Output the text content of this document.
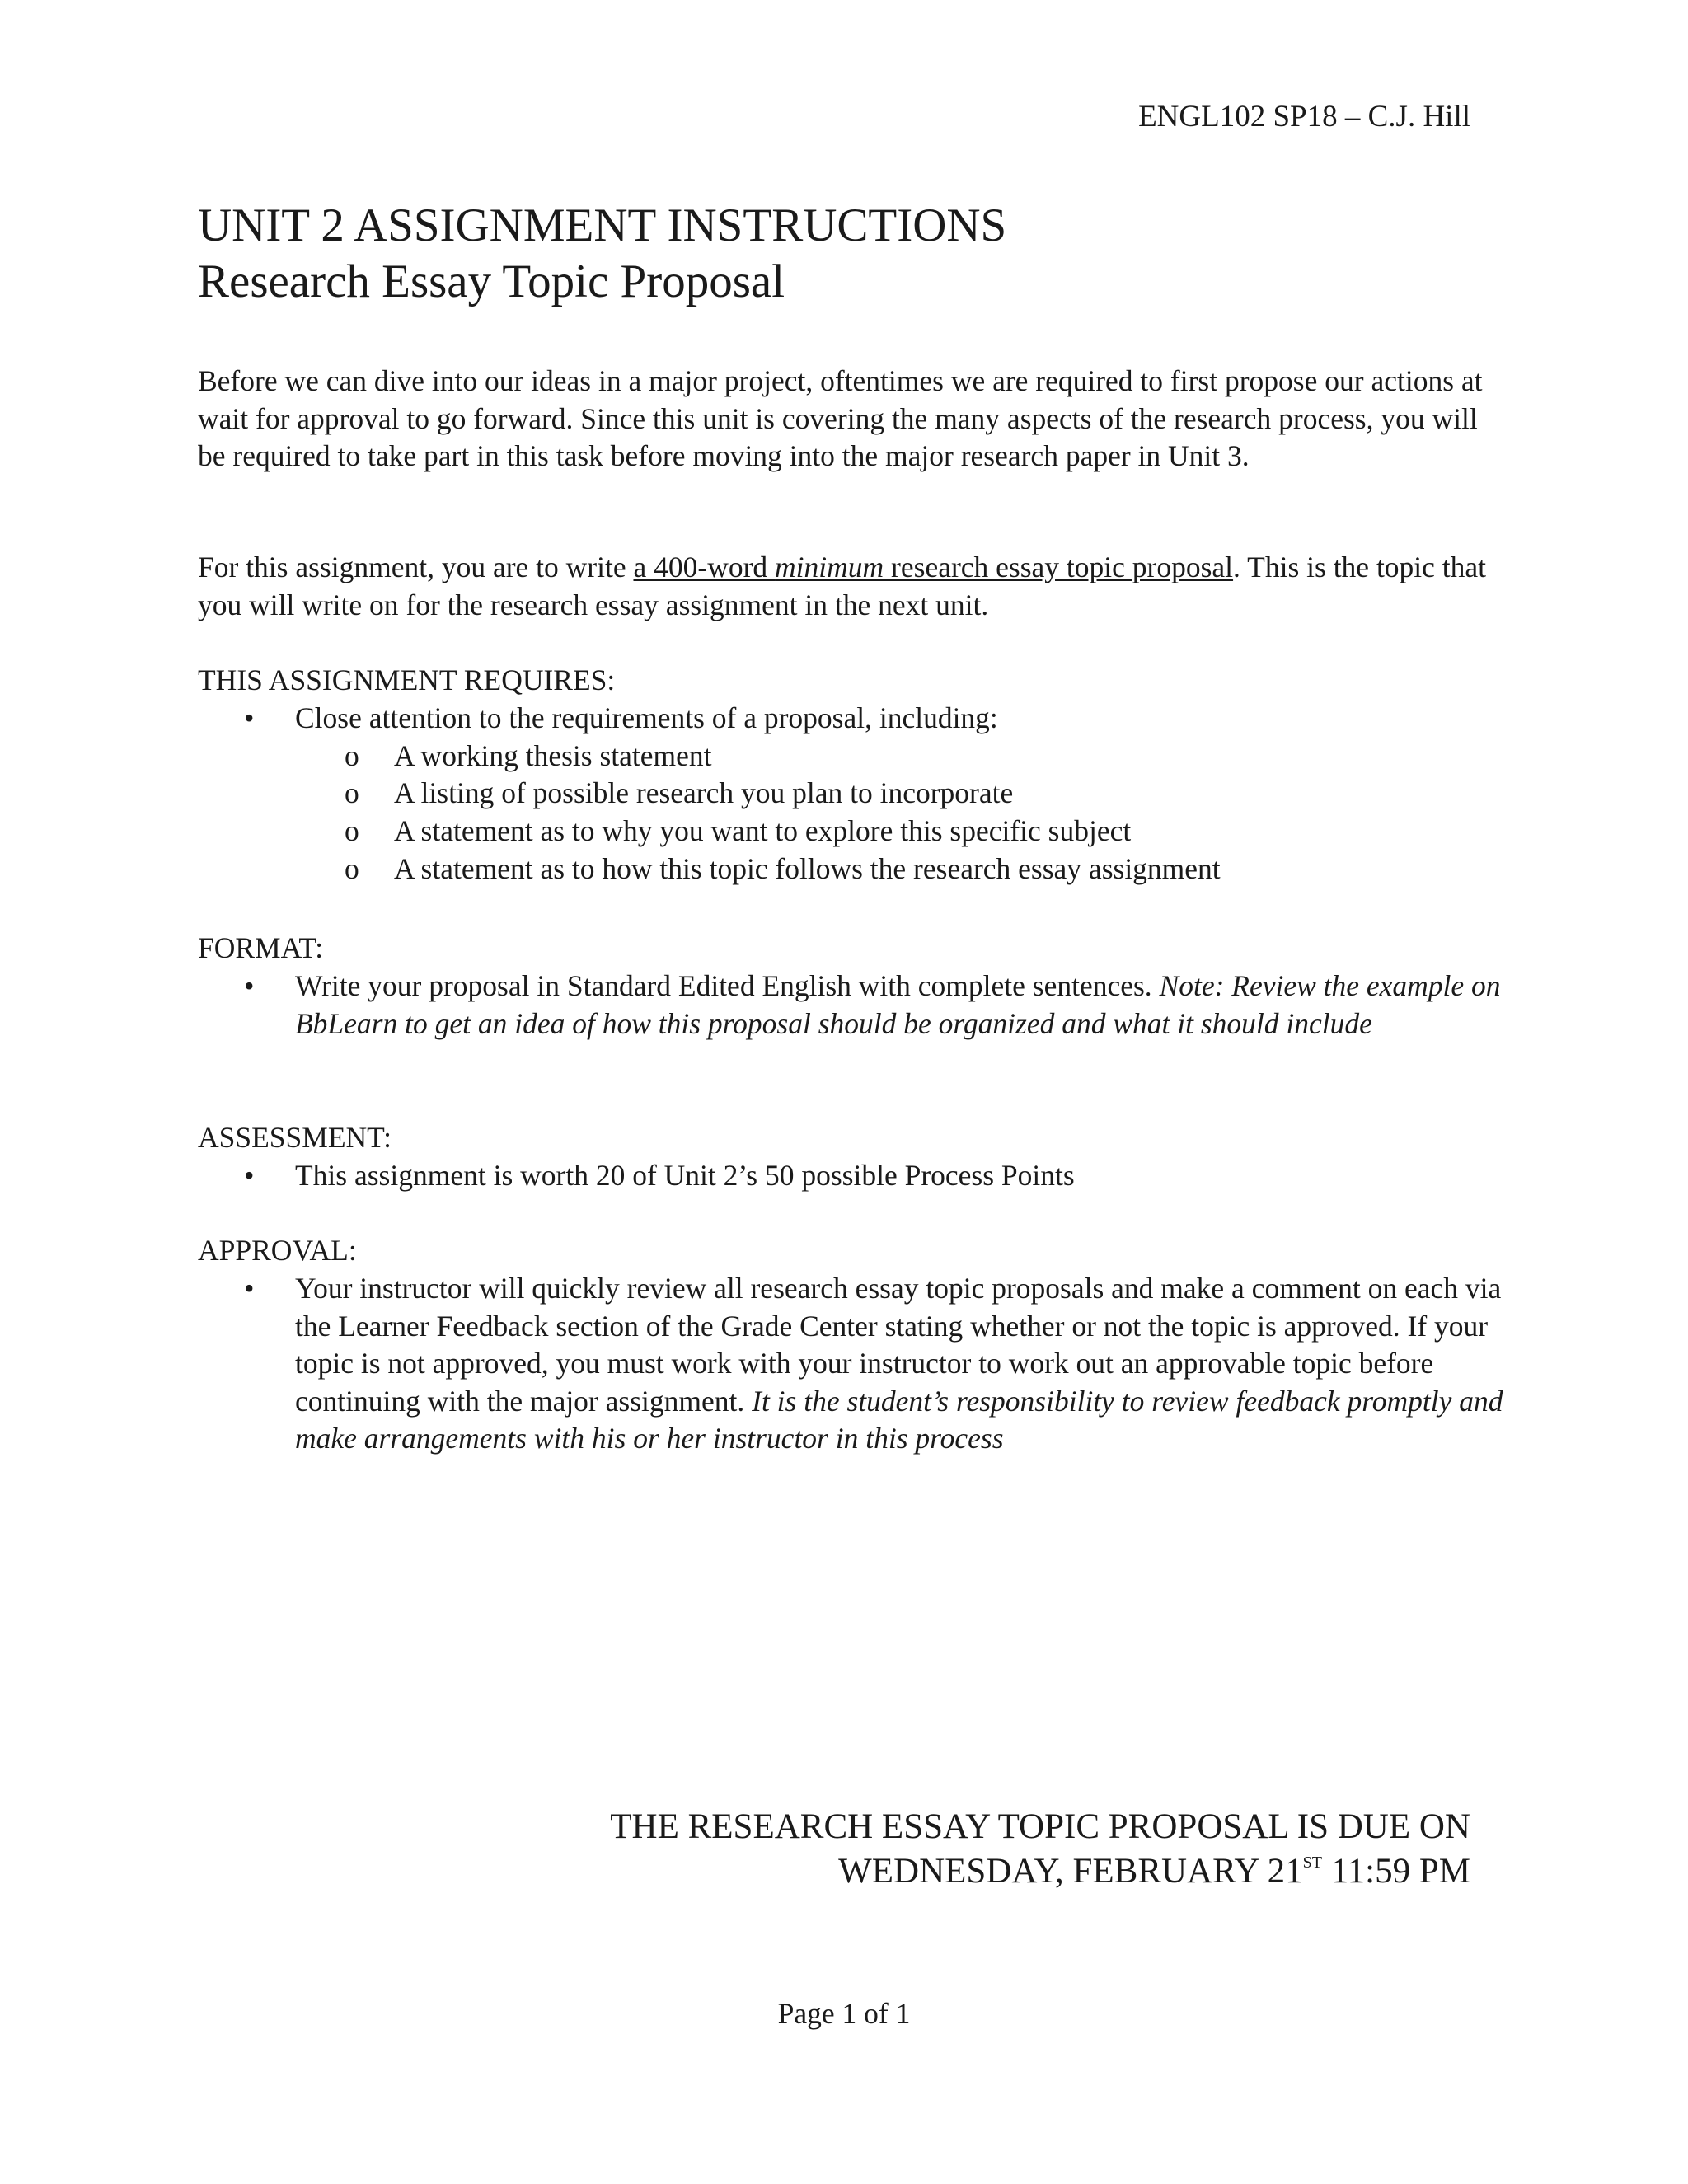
ENGL102 SP18 – C.J. Hill
UNIT 2 ASSIGNMENT INSTRUCTIONS
Research Essay Topic Proposal

Before we can dive into our ideas in a major project, oftentimes we are required to first propose our actions at wait for approval to go forward. Since this unit is covering the many aspects of the research process, you will be required to take part in this task before moving into the major research paper in Unit 3.

For this assignment, you are to write a 400-word minimum research essay topic proposal. This is the topic that you will write on for the research essay assignment in the next unit.

THIS ASSIGNMENT REQUIRES:
•	Close attention to the requirements of a proposal, including:
o	A working thesis statement
o	A listing of possible research you plan to incorporate
o	A statement as to why you want to explore this specific subject
o	A statement as to how this topic follows the research essay assignment
FORMAT:
•	Write your proposal in Standard Edited English with complete sentences. Note: Review the example on BbLearn to get an idea of how this proposal should be organized and what it should include
ASSESSMENT:
•	This assignment is worth 20 of Unit 2’s 50 possible Process Points
APPROVAL:
•	Your instructor will quickly review all research essay topic proposals and make a comment on each via the Learner Feedback section of the Grade Center stating whether or not the topic is approved. If your topic is not approved, you must work with your instructor to work out an approvable topic before continuing with the major assignment. It is the student’s responsibility to review feedback promptly and make arrangements with his or her instructor in this process
THE RESEARCH ESSAY TOPIC PROPOSAL IS DUE ON
WEDNESDAY, FEBRUARY 21ST 11:59 PM
Page 1 of 1
